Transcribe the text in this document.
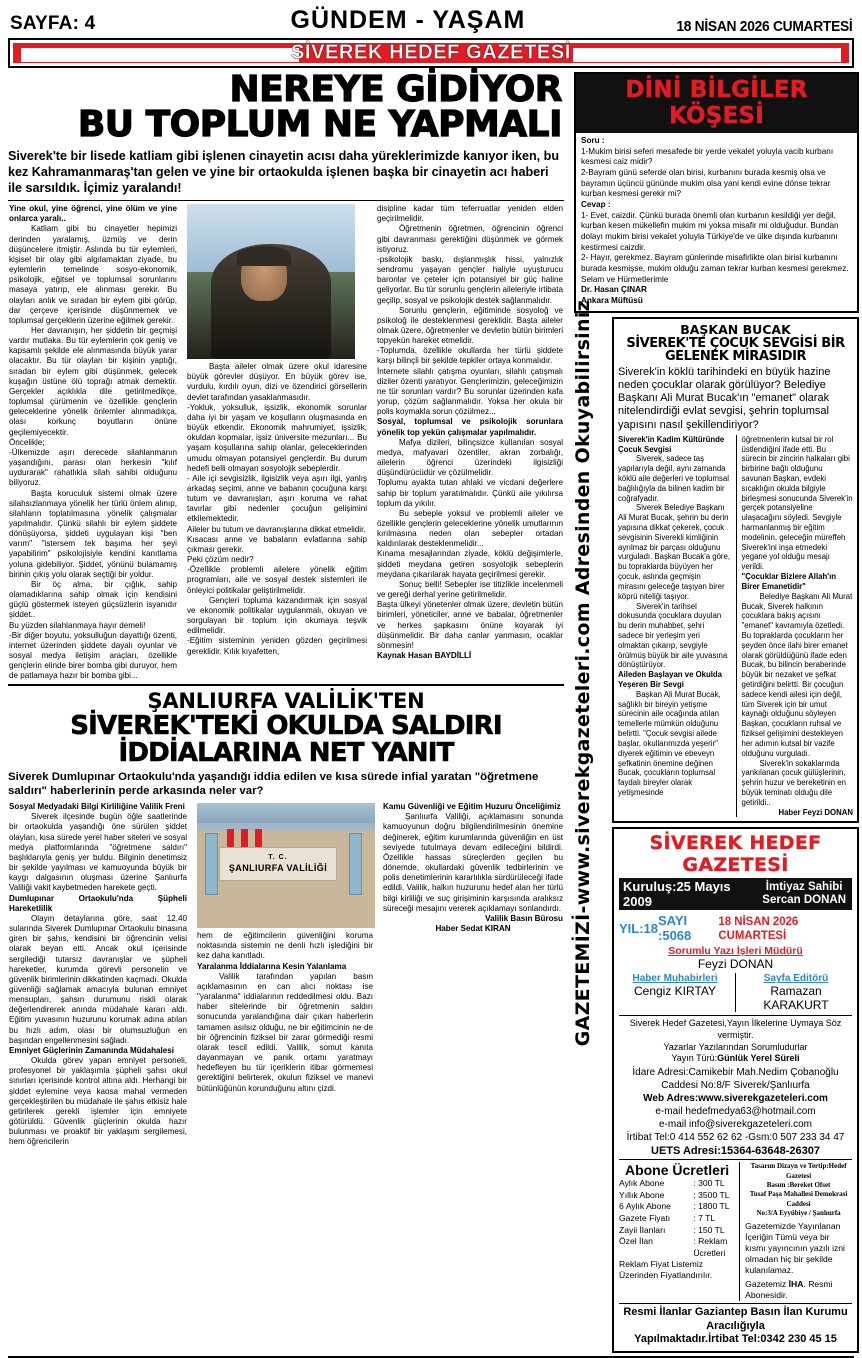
SAYFA: 4	GÜNDEM - YAŞAM	18 NİSAN 2026 CUMARTESİ
SİVEREK HEDEF GAZETESİ
NEREYE GİDİYOR
BU TOPLUM NE YAPMALI
Siverek'te bir lisede katliam gibi işlenen cinayetin acısı daha yüreklerimizde kanıyor iken, bu kez Kahramanmaraş'tan gelen ve yine bir ortaokulda işlenen başka bir cinayetin acı haberi ile sarsıldık. İçimiz yaralandı!

Yine okul, yine öğrenci, yine ölüm ve yine onlarca yaralı..

Katliam gibi bu cinayetler hepimizi derinden yaralamış, üzmüş ve derin düşüncelere itmiştir. Aslında bu tür eylemleri, kişisel bir olay gibi algılamaktan ziyade, bu eylemlerin temelinde sosyo-ekonomik, psikolojik, eğitsel ve toplumsal sorunlarını masaya yatırıp, ele alınması gerekir. Bu olayları anlık ve sıradan bir eylem gibi görüp, dar çerçeve içerisinde düşünmemek ve toplumsal gerçeklerin üzerine eğilmek gerekir.

Her davranışın, her şiddetin bir geçmişi vardır mutlaka. Bu tür eylemlerin çok geniş ve kapsamlı şekilde ele alınmasında büyük yarar olacaktır. Bu tür olayları bir kişinin yaptığı, sıradan bir eylem gibi düşünmek, gelecek kuşağın üstüne ölü toprağı atmak demektir. Gerçekler açıklıkla dile getirilmedikçe, toplumsal çürümenin ve özellikle gençlerin geleceklerine yönelik önlemler alınmadıkça, olası korkunç boyutların önüne geçilemiyecektir.

Öncelikle;

-Ülkemizde aşırı derecede silahlanmanın yaşandığını, parası olan herkesin "kılıf uydurarak" rahatlıkla silah sahibi olduğunu biliyoruz.

Başta koruculuk sistemi olmak üzere silahsızlanmaya yönelik her türlü önlem alınıp, silahların toplatılmasına yönelik çalışmalar yapılmalıdır. Çünkü silahlı bir eylem şiddete dönüşüyorsa, şiddeti uygulayan kişi "ben varım" "istersem tek başıma her şeyi yapabilirim" psikolojisiyle kendini kanıtlama yoluna gidebiliyor. Şiddet, yönünü bulamamış birinin çıkış yolu olarak seçtiği bir yoldur.

Bir öç alma, bir çığlık, sahip olamadıklarına sahip olmak için kendisini güçlü göstermek isteyen güçsüzlerin isyanıdır şiddet..

Bu yüzden silahlanmaya hayır demeli!

-Bir diğer boyutu, yoksulluğun dayattığı özenti, internet üzerinden şiddete dayalı oyunlar ve sosyal medya iletişim araçları, özellikle gençlerin elinde birer bomba gibi duruyor, hem de patlamaya hazır bir bomba gibi...

Başta aileler olmak üzere okul idaresine büyük görevler düşüyor. En büyük görev ise, vurdulu, kırdılı oyun, dizi ve özendirici görsellerin devlet tarafından yasaklanmasıdır.

-Yokluk, yoksulluk, işsizlik, ekonomik sorunlar daha iyi bir yaşam ve koşulların oluşmasında en büyük etkendir. Ekonomik mahrumiyet, işsizlik, okuldan kopmalar, işsiz üniversite mezunları... Bu yaşam koşullarına sahip olanlar, geleceklerinden umudu olmayan potansiyel gençlerdir. Bu durum hedefi belli olmayan sosyolojik sebeplerdir.

- Aile içi sevgisizlik, ilgisizlik veya aşırı ilgi, yanlış arkadaş seçimi, anne ve babanın çocuğuna karşı tutum ve davranışları, aşırı koruma ve rahat tavırlar gibi nedenler çocuğun gelişimini etkilemektedir.

Aileler bu tutum ve davranışlarına dikkat etmelidir.

Kısacası anne ve babaların evlatlarına sahip çıkması gerekir.

Peki çözüm nedir?

-Özellikle problemli ailelere yönelik eğitim programları, aile ve sosyal destek sistemleri ile önleyici politikalar geliştirilmelidir.

Gençleri topluma kazandırmak için sosyal ve ekonomik politikalar uygulanmalı, okuyan ve sorgulayan bir toplum için okumaya teşvik edilmelidir.

-Eğitim sisteminin yeniden gözden geçirilmesi gereklidir. Kılık kıyafetten,

disipline kadar tüm teferruatlar yeniden elden geçirilmelidir.

Öğretmenin öğretmen, öğrencinin öğrenci gibi davranması gerektiğini düşünmek ve görmek istiyoruz.

-psikolojik baskı, dışlanmışlık hissi, yalnızlık sendromu yaşayan gençler haliyle uyuşturucu baronlar ve çeteler için potansiyel bir güç haline geliyorlar. Bu tür sorunlu gençlerin aileleriyle irtibata geçilip, sosyal ve psikolojik destek sağlanmalıdır.

Sorunlu gençlerin, eğitiminde sosyoloğ ve psikoloğ ile desteklenmesi gereklidir. Başta aileler olmak üzere, öğretmenler ve devletin bütün birimleri topyekün hareket etmelidir.

-Toplumda, özellikle okullarda her türlü şiddete karşı bilinçli bir şekilde tepkiler ortaya konmalıdır.

İnternete silahlı çatışma oyunları, silahlı çatışmalı diziler özenti yaratıyor. Gençlerimizin, geleceğimizin ne tür sorunları vardır? Bu sorunlar üzerinden kafa yorup, çözüm sağlanmalıdır. Yoksa her okula bir polis koymakla sorun çözülmez...

Sosyal, toplumsal ve psikolojik sorunlara yönelik top yekün çalışmalar yapılmalıdır.

Mafya dizileri, bilinçsizce kullanılan sosyal medya, mafyavari özentiler, akran zorbalığı, ailelerin öğrenci üzerindeki ilgisizliği düşündürücüdür ve çözülmelidir.

Toplumu ayakta tutan ahlaki ve vicdani değerlere sahip bir toplum yaratılmalıdır. Çünkü aile yıkılırsa toplum da yıkılır.

Bu sebeple yoksul ve problemli aileler ve özellikle gençlerin geleceklerine yönelik umutlarının kırılmasına neden olan sebepler ortadan kaldırılarak desteklenmelidir...

Kınama mesajlarından ziyade, köklü değişimlerle, şiddeti meydana getiren sosyolojik sebeplerin meydana çıkarılarak hayata geçirilmesi gerekir.

Sonuç belli! Sebepler ise titizlikle incelenmeli ve gereği derhal yerine getirilmelidir.

Başta ülkeyi yönetenler olmak üzere, devletin bütün birimleri, yöneticiler, anne ve babalar, öğretmenler ve herkes şapkasını önüne koyarak iyi düşünmelidir. Bir daha canlar yanmasın, ocaklar sönmesin!

Kaynak Hasan BAYDİLLİ

ŞANLIURFA VALİLİK'TEN
SİVEREK'TEKİ OKULDA SALDIRI İDDİALARINA NET YANIT
Siverek Dumlupınar Ortaokulu'nda yaşandığı iddia edilen ve kısa sürede infial yaratan "öğretmene saldırı" haberlerinin perde arkasında neler var?

Sosyal Medyadaki Bilgi Kirliliğine Valilik Freni

Siverek ilçesinde bugün öğle saatlerinde bir ortaokulda yaşandığı öne sürülen şiddet olayları, kısa sürede yerel haber siteleri ve sosyal medya platformlarında "öğretmene saldırı" başlıklarıyla geniş yer buldu. Bilginin denetimsiz bir şekilde yayılması ve kamuoyunda büyük bir kaygı dalgasının oluşması üzerine Şanlıurfa Valiliği vakit kaybetmeden harekete geçti.

Dumlupınar Ortaokulu'nda Şüpheli Hareketlilik

Olayın detaylarına göre, saat 12.40 sularında Siverek Dumlupınar Ortaokulu binasına giren bir şahıs, kendisini bir öğrencinin velisi olarak beyan etti. Ancak okul içerisinde sergilediği tutarsız davranışlar ve şüpheli hareketler, kurumda görevli personelin ve güvenlik birimlerinin dikkatinden kaçmadı. Okulda güvenliği sağlamak amacıyla bulunan emniyet mensupları, şahsın durumunu riskli olarak değerlendirerek anında müdahale kararı aldı. Eğitim yuvasının huzurunu korumak adına atılan bu hızlı adım, olası bir olumsuzluğun en başından engellenmesini sağladı.

Emniyet Güçlerinin Zamanında Müdahalesi

Okulda görev yapan emniyet personeli, profesyonel bir yaklaşımla şüpheli şahsı okul sınırları içerisinde kontrol altına aldı. Herhangi bir şiddet eylemine veya kaosa mahal vermeden gerçekleştirilen bu müdahale ile şahıs etkisiz hale getirilerek gerekli işlemler için emniyete götürüldü. Güvenlik güçlerinin okulda hazır bulunması ve proaktif bir yaklaşım sergilemesi, hem öğrencilerin

T. C.
ŞANLIURFA VALİLİĞİ

hem de eğitimcilerin güvenliğini koruma noktasında sistemin ne denli hızlı işlediğini bir kez daha kanıtladı.

Yaralanma İddialarına Kesin Yalanlama

Valilik tarafından yapılan basın açıklamasının en can alıcı noktası ise "yaralanma" iddialarının reddedilmesi oldu. Bazı haber sitelerinde bir öğretmenin saldırı sonucunda yaralandığına dair çıkan haberlerin tamamen asılsız olduğu, ne bir eğitimcinin ne de bir öğrencinin fiziksel bir zarar görmediği resmi olarak tescil edildi. Valilik, somut kanıta dayanmayan ve panik ortamı yaratmayı hedefleyen bu tür içeriklerin itibar görmemesi gerektiğini belirterek, okulun fiziksel ve manevi bütünlüğünün korunduğunu altını çizdi.

Kamu Güvenliği ve Eğitim Huzuru Önceliğimiz

Şanlıurfa Valiliği, açıklamasını sonunda kamuoyunun doğru bilgilendirilmesinin önemine değinerek, eğitim kurumlarında güvenliğin en üst seviyede tutulmaya devam edileceğini bildirdi. Özellikle hassas süreçlerden geçilen bu dönemde, okullardaki güvenlik tedbirlerinin ve polis denetimlerinin kararlılıkla sürdürüleceği ifade edildi. Valilik, halkın huzurunu hedef alan her türlü bilgi kirliliği ve suç girişiminin karşısında aralıksız süreceği mesajını vererek açıklamayı sonlandırdı.

Valilik Basın Bürosu

Haber Sedat KIRAN

DİNİ BİLGİLER KÖŞESİ

Soru :

1-Mukim birisi seferi mesafede bir yerde vekalet yoluyla vacib kurbanı kesmesi caiz midir?

2-Bayram günü seferde olan birisi, kurbanını burada kesmiş olsa ve bayramın üçüncü gününde mukim olsa yani kendi evine dönse tekrar kurban kesmesi gerekir mi?

Cevap :

1- Evet, caizdir. Çünkü burada önemli olan kurbanın kesildiği yer değil, kurban kesen mükellefin mukim mi yoksa misafir mi olduğudur. Bundan dolayı mukim birisi vekalet yoluyla Türkiye'de ve ülke dışında kurbanını kestirmesi caizdir.

2- Hayır, gerekmez. Bayram günlerinde misafirlikte olan birisi kurbanını burada kesmişse, mukim olduğu zaman tekrar kurban kesmesi gerekmez.

Selam ve Hürmetlerimle

Dr. Hasan ÇINAR

Ankara Müftüsü

BAŞKAN BUCAK
SİVEREK'TE ÇOCUK SEVGİSİ BİR GELENEK MİRASIDIR
Siverek'in köklü tarihindeki en büyük hazine neden çocuklar olarak görülüyor? Belediye Başkanı Ali Murat Bucak'ın "emanet" olarak nitelendirdiği evlat sevgisi, şehrin toplumsal yapısını nasıl şekillendiriyor?

Siverek'in Kadim Kültüründe Çocuk Sevgisi

Siverek, sadece taş yapılarıyla değil, aynı zamanda köklü aile değerleri ve toplumsal bağlılığıyla da bilinen kadim bir coğrafyadır.

Siverek Belediye Başkanı Ali Murat Bucak, şehrin bu derin yapısına dikkat çekerek, çocuk sevgisinin Siverekli kimliğinin ayrılmaz bir parçası olduğunu vurguladı. Başkan Bucak'a göre, bu topraklarda büyüyen her çocuk, aslında geçmişin mirasını geleceğe taşıyan birer köprü niteliği taşıyor.

Siverek'in tarihsel dokusunda çocuklara duyulan bu derin muhabbet, şehri sadece bir yerleşim yeri olmaktan çıkarıp, sevgiyle örülmüş büyük bir aile yuvasına dönüştürüyor.

Aileden Başlayan ve Okulda Yeşeren Bir Sevgi

Başkan Ali Murat Bucak, sağlıklı bir bireyin yetişme sürecinin aile ocağında atılan temellerle mümkün olduğunu belirtti. "Çocuk sevgisi ailede başlar, okullarımızda yeşerir" diyerek eğitimin ve ebeveyn şefkatinin önemine değinen Bucak, çocukların toplumsal faydalı bireyler olarak yetişmesinde

öğretmenlerin kutsal bir rol üstlendiğini ifade etti. Bu sürecin bir zincirin halkaları gibi birbirine bağlı olduğunu savunan Başkan, evdeki sıcaklığın okulda bilgiyle birleşmesi sonucunda Siverek'in gerçek potansiyeline ulaşacağını söyledi. Sevgiyle harmanlanmış bir eğitim modelinin, geleceğin müreffeh Siverek'ini inşa etmedeki yegane yol olduğu mesajı verildi.

"Çocuklar Bizlere Allah'ın Birer Emanetidir"

Belediye Başkanı Ali Murat Bucak, Siverek halkının çocuklara bakış açısını "emanet" kavramıyla özetledi. Bu topraklarda çocukların her şeyden önce ilahi birer emanet olarak görüldüğünü ifade eden Bucak, bu bilincin beraberinde büyük bir nezaket ve şefkat getirdiğini belirtti. Bir çocuğun sadece kendi ailesi için değil, tüm Siverek için bir umut kaynağı olduğunu söyleyen Başkan, çocukların ruhsal ve fiziksel gelişimini destekleyen her adımın kutsal bir vazife olduğunu vurguladı.

Siverek'in sokaklarında yankılanan çocuk gülüşlerinin, şehrin huzur ve bereketinin en büyük teminatı olduğu dile getirildi..

Haber Feyzi DONAN

SİVEREK HEDEF GAZETESİ
Kuruluş:25 Mayıs 2009
İmtiyaz Sahibi
Sercan DONAN
YIL:18 SAYI :5068
18 NİSAN 2026 CUMARTESİ
Sorumlu Yazı İşleri Müdürü
Feyzi DONAN
Haber Muhabirleri
Cengiz KIRTAY
Sayfa Editörü
Ramazan KARAKURT
Siverek Hedef Gazetesi,Yayın İlkelerine Uymaya Söz vermiştir.
Yazarlar Yazılarından Sorumludurlar
Yayın Türü:Günlük Yerel Süreli
İdare Adresi:Camikebir Mah.Nedim Çobanoğlu
Caddesi No:8/F Siverek/Şanlıurfa
Web Adres:www.siverekgazeteleri.com
e-mail hedefmedya63@hotmail.com
e-mail info@siverekgazeteleri.com
İrtibat Tel:0 414 552 62 62 -Gsm:0 507 233 34 47
UETS Adresi:15364-63648-26307
Abone Ücretleri
Aylık Abone	: 300 TL
Yıllık Abone	: 3500 TL
6 Aylık Abone	: 1800 TL
Gazete Fiyatı	: 7 TL
Zayii İlanları	: 150 TL
Özel İlan	: Reklam Ücretleri
Reklam Fiyat Listemiz Üzerinden Fiyatlandırılır.
Tasarım Dizayn ve Tertip:Hedef Gazetesi
Basım :Bereket Ofset
Tusaf Paşa Mahallesi Demokrasi Caddesi
No:3/A Eyyübiye / Şanlıurfa
Gazetemizde Yayınlanan İçeriğin Tümü veya bir kısmı yayıncının yazılı izni olmadan hiç bir şekilde kulanılamaz.
Gazetemiz İHA. Resmi Abonesidir.
Resmi İlanlar Gaziantep Basın İlan Kurumu Aracılığıyla
Yapılmaktadır.İrtibat Tel:0342 230 45 15
GAZETEMİZİ-www.siverekgazeteleri.com Adresinden Okuyabilirsiniz
